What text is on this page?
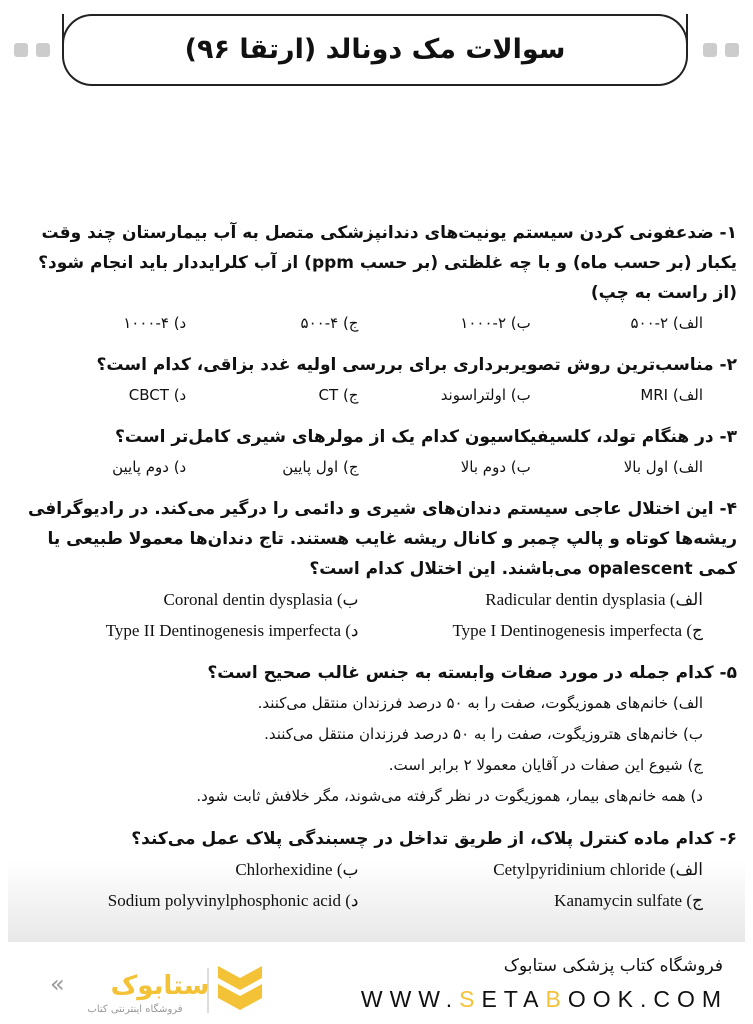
سوالات مک دونالد (ارتقا ۹۶)
۱- ضدعفونی کردن سیستم یونیت‌های دندانپزشکی متصل به آب بیمارستان چند وقت یکبار (بر حسب ماه) و با چه غلظتی (بر حسب ppm) از آب کلرایددار باید انجام شود؟ (از راست به چپ)
الف) ۲-۵۰۰
ب) ۲-۱۰۰۰
ج) ۴-۵۰۰
د) ۴-۱۰۰۰
۲- مناسب‌ترین روش تصویربرداری برای بررسی اولیه غدد بزاقی، کدام است؟
الف) MRI
ب) اولتراسوند
ج) CT
د) CBCT
۳- در هنگام تولد، کلسیفیکاسیون کدام یک از مولرهای شیری کامل‌تر است؟
الف) اول بالا
ب) دوم بالا
ج) اول پایین
د) دوم پایین
۴- این اختلال عاجی سیستم دندان‌های شیری و دائمی را درگیر می‌کند. در رادیوگرافی ریشه‌ها کوتاه و پالپ چمبر و کانال ریشه غایب هستند. تاج دندان‌ها معمولا طبیعی یا کمی opalescent می‌باشند. این اختلال کدام است؟
الف) Radicular dentin dysplasia
ب) Coronal dentin dysplasia
ج) Type I Dentinogenesis imperfecta
د) Type II Dentinogenesis imperfecta
۵- کدام جمله در مورد صفات وابسته به جنس غالب صحیح است؟
الف) خانم‌های هموزیگوت، صفت را به ۵۰ درصد فرزندان منتقل می‌کنند.
ب) خانم‌های هتروزیگوت، صفت را به ۵۰ درصد فرزندان منتقل می‌کنند.
ج) شیوع این صفات در آقایان معمولا ۲ برابر است.
د) همه خانم‌های بیمار، هموزیگوت در نظر گرفته می‌شوند، مگر خلافش ثابت شود.
۶- کدام ماده کنترل پلاک، از طریق تداخل در چسبندگی پلاک عمل می‌کند؟
الف) Cetylpyridinium chloride
ب) Chlorhexidine
ج) Kanamycin sulfate
د) Sodium polyvinylphosphonic acid
ستابوک
«
فروشگاه اینترنتی کتاب
فروشگاه کتاب پزشکی ستابوک
WWW.SETABOOK.COM
